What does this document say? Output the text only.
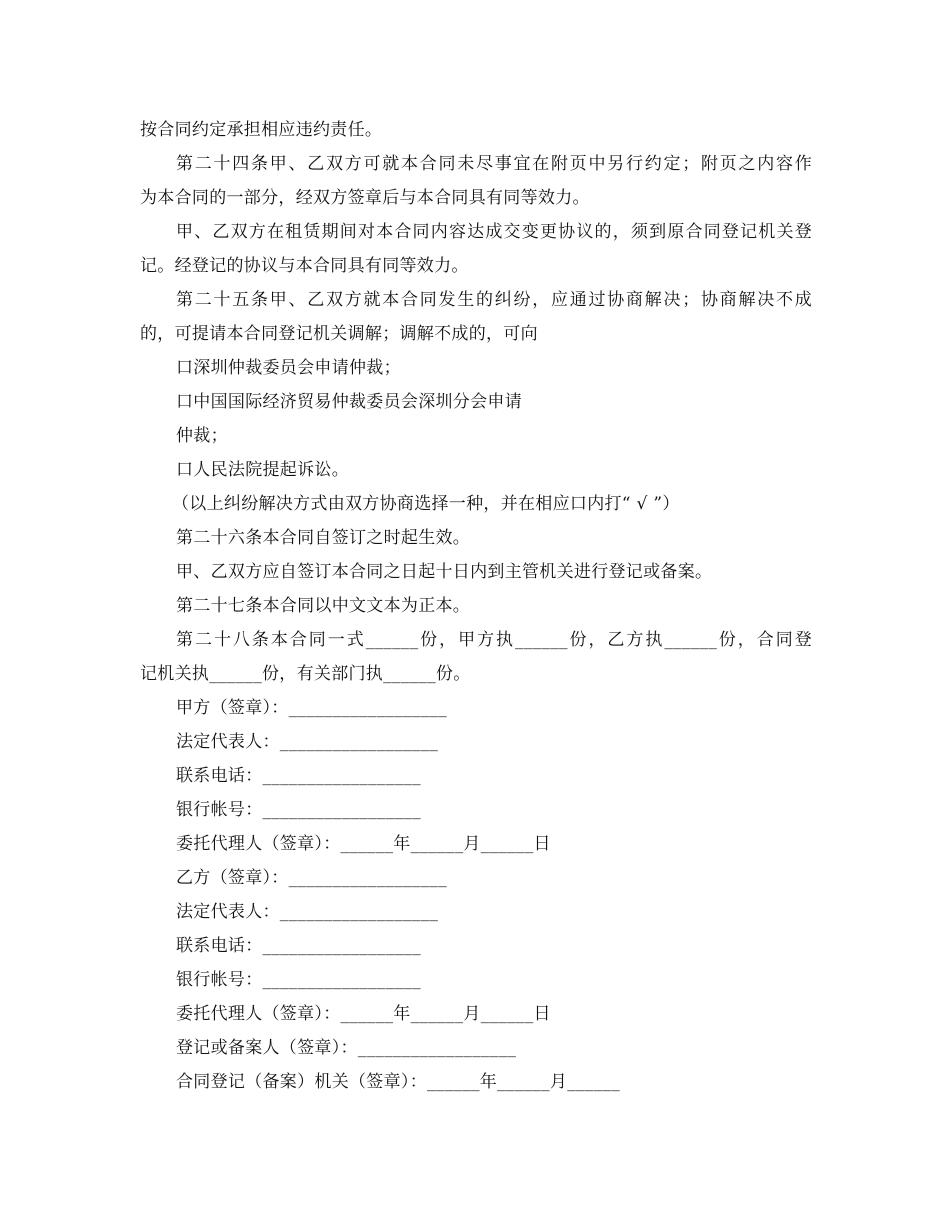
按合同约定承担相应违约责任。
第二十四条甲、乙双方可就本合同未尽事宜在附页中另行约定；附页之内容作
为本合同的一部分，经双方签章后与本合同具有同等效力。
甲、乙双方在租赁期间对本合同内容达成交变更协议的，须到原合同登记机关登
记。经登记的协议与本合同具有同等效力。
第二十五条甲、乙双方就本合同发生的纠纷，应通过协商解决；协商解决不成
的，可提请本合同登记机关调解；调解不成的，可向
口深圳仲裁委员会申请仲裁；
口中国国际经济贸易仲裁委员会深圳分会申请
仲裁；
口人民法院提起诉讼。
（以上纠纷解决方式由双方协商选择一种，并在相应口内打“ √ ”）
第二十六条本合同自签订之时起生效。
甲、乙双方应自签订本合同之日起十日内到主管机关进行登记或备案。
第二十七条本合同以中文文本为正本。
第二十八条本合同一式______份，甲方执______份，乙方执______份，合同登
记机关执______份，有关部门执______份。
甲方（签章）：__________________
法定代表人：__________________
联系电话：__________________
银行帐号：__________________
委托代理人（签章）：______年______月______日
乙方（签章）：__________________
法定代表人：__________________
联系电话：__________________
银行帐号：__________________
委托代理人（签章）：______年______月______日
登记或备案人（签章）：__________________
合同登记（备案）机关（签章）：______年______月______
